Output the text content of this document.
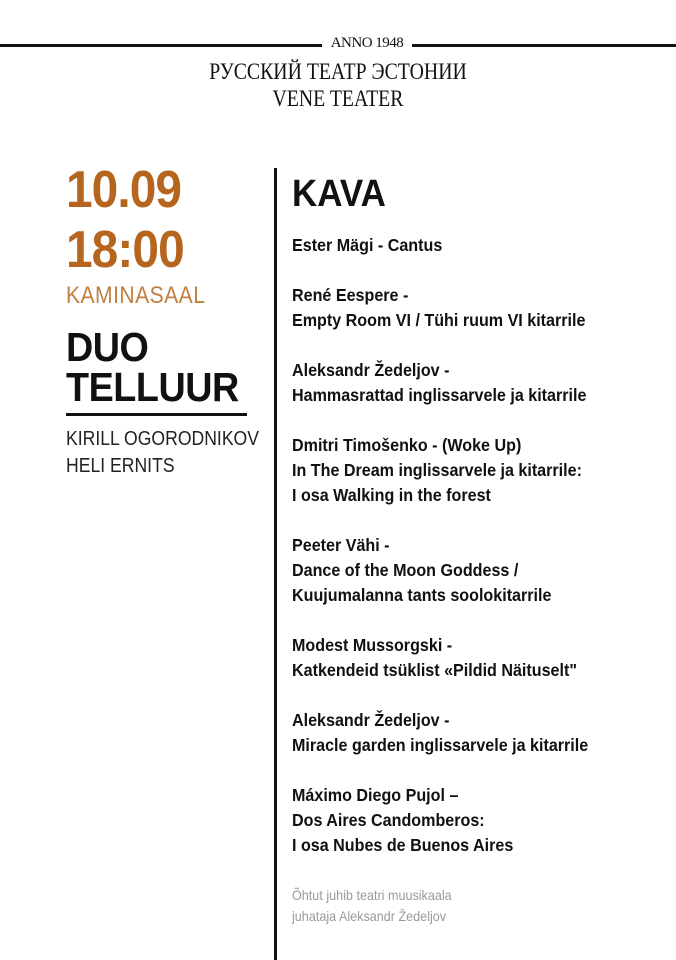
ANNO 1948
РУССКИЙ ТЕАТР ЭСТОНИИ
VENE TEATER
10.09
18:00
KAMINASAAL
DUO
TELLUUR
KIRILL OGORODNIKOV
HELI ERNITS
KAVA
Ester Mägi - Cantus
René Eespere -
Empty Room VI / Tühi ruum VI kitarrile
Aleksandr Žedeljov -
Hammasrattad inglissarvele ja kitarrile
Dmitri Timošenko - (Woke Up)
In The Dream inglissarvele ja kitarrile:
I osa Walking in the forest
Peeter Vähi -
Dance of the Moon Goddess /
Kuujumalanna tants soolokitarrile
Modest Mussorgski -
Katkendeid tsüklist «Pildid Näituselt"
Aleksandr Žedeljov -
Miracle garden inglissarvele ja kitarrile
Máximo Diego Pujol –
Dos Aires Candomberos:
I osa Nubes de Buenos Aires
Õhtut juhib teatri muusikaala
juhataja Aleksandr Žedeljov
